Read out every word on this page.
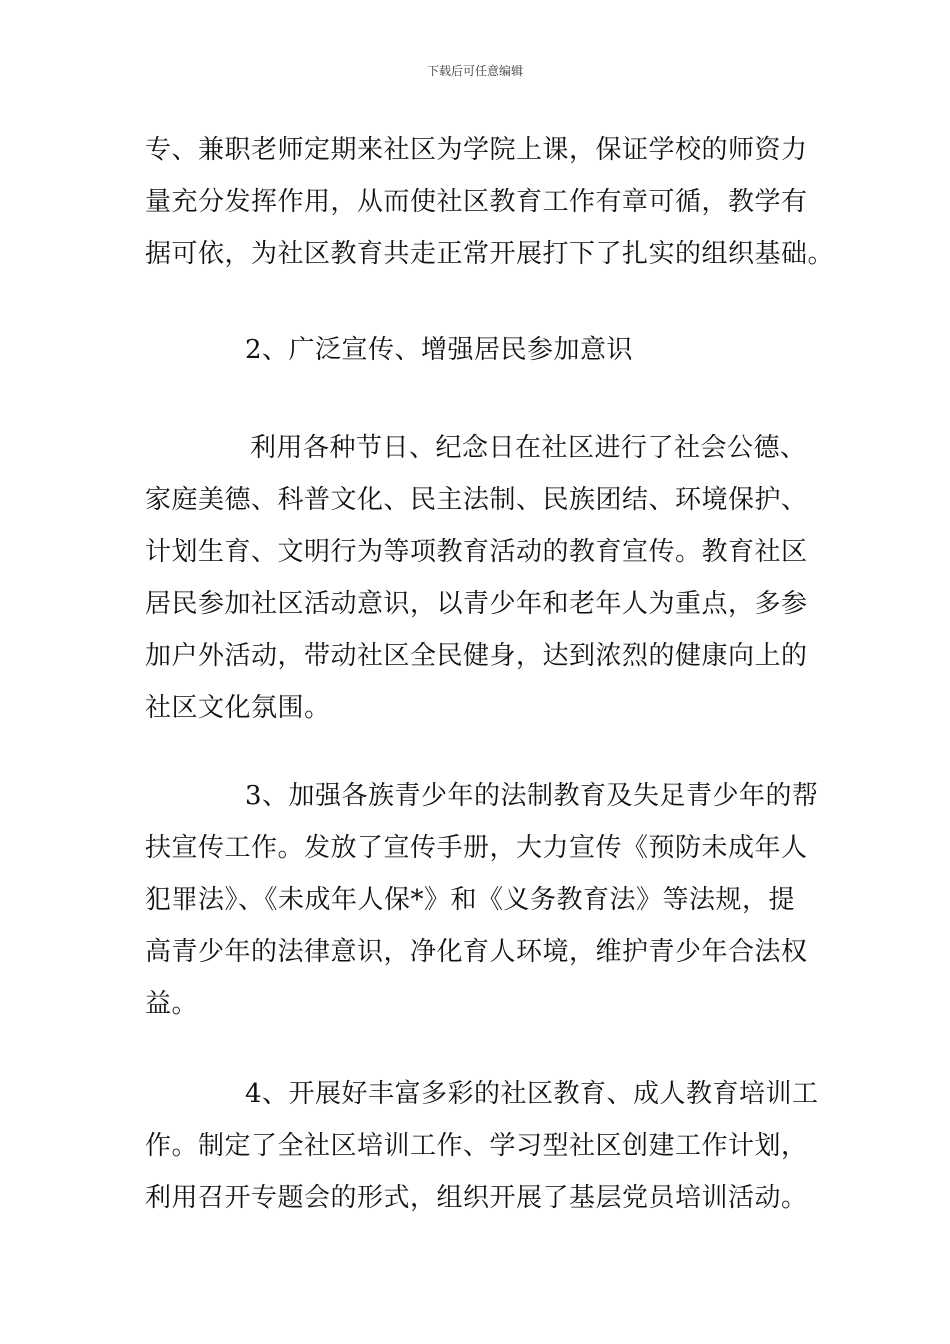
下载后可任意编辑
专、兼职老师定期来社区为学院上课，保证学校的师资力
量充分发挥作用，从而使社区教育工作有章可循，教学有
据可依，为社区教育共走正常开展打下了扎实的组织基础。
2、广泛宣传、增强居民参加意识
利用各种节日、纪念日在社区进行了社会公德、
家庭美德、科普文化、民主法制、民族团结、环境保护、
计划生育、文明行为等项教育活动的教育宣传。教育社区
居民参加社区活动意识，以青少年和老年人为重点，多参
加户外活动，带动社区全民健身，达到浓烈的健康向上的
社区文化氛围。
3、加强各族青少年的法制教育及失足青少年的帮
扶宣传工作。发放了宣传手册，大力宣传《预防未成年人
犯罪法》、《未成年人保*》和《义务教育法》等法规，提
高青少年的法律意识，净化育人环境，维护青少年合法权
益。
4、开展好丰富多彩的社区教育、成人教育培训工
作。制定了全社区培训工作、学习型社区创建工作计划，
利用召开专题会的形式，组织开展了基层党员培训活动。
